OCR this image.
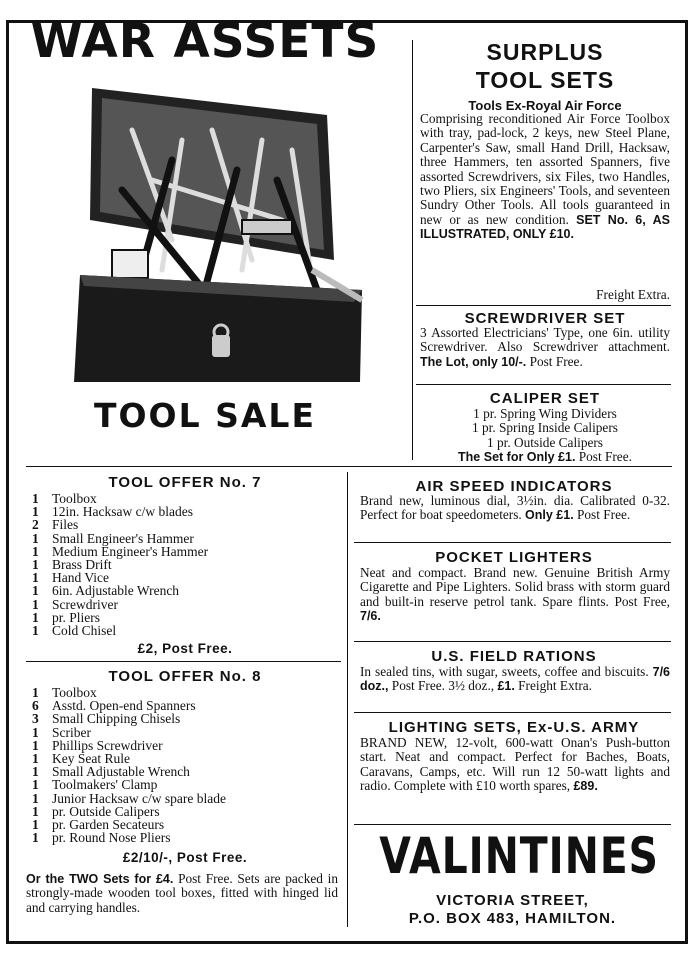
WAR ASSETS
TOOL SALE
SURPLUS
TOOL SETS
Tools Ex-Royal Air Force
Comprising reconditioned Air Force Toolbox with tray, pad-lock, 2 keys, new Steel Plane, Carpenter's Saw, small Hand Drill, Hacksaw, three Hammers, ten assorted Spanners, five assorted Screwdrivers, six Files, two Handles, two Pliers, six Engineers' Tools, and seventeen Sundry Other Tools. All tools guaranteed in new or as new condition. SET No. 6, AS ILLUSTRATED, ONLY £10.
Freight Extra.
SCREWDRIVER SET
3 Assorted Electricians' Type, one 6in. utility Screwdriver. Also Screwdriver attachment. The Lot, only 10/-. Post Free.
CALIPER SET
1 pr. Spring Wing Dividers
1 pr. Spring Inside Calipers
1 pr. Outside Calipers
The Set for Only £1. Post Free.
TOOL OFFER No. 7
1 Toolbox
1 12in. Hacksaw c/w blades
2 Files
1 Small Engineer's Hammer
1 Medium Engineer's Hammer
1 Brass Drift
1 Hand Vice
1 6in. Adjustable Wrench
1 Screwdriver
1 pr. Pliers
1 Cold Chisel
£2, Post Free.
TOOL OFFER No. 8
1 Toolbox
6 Asstd. Open-end Spanners
3 Small Chipping Chisels
1 Scriber
1 Phillips Screwdriver
1 Key Seat Rule
1 Small Adjustable Wrench
1 Toolmakers' Clamp
1 Junior Hacksaw c/w spare blade
1 pr. Outside Calipers
1 pr. Garden Secateurs
1 pr. Round Nose Pliers
£2/10/-, Post Free.
Or the TWO Sets for £4. Post Free. Sets are packed in strongly-made wooden tool boxes, fitted with hinged lid and carrying handles.
AIR SPEED INDICATORS
Brand new, luminous dial, 3½in. dia. Calibrated 0-32. Perfect for boat speedometers. Only £1. Post Free.
POCKET LIGHTERS
Neat and compact. Brand new. Genuine British Army Cigarette and Pipe Lighters. Solid brass with storm guard and built-in reserve petrol tank. Spare flints. Post Free, 7/6.
U.S. FIELD RATIONS
In sealed tins, with sugar, sweets, coffee and biscuits. 7/6 doz., Post Free. 3½ doz., £1. Freight Extra.
LIGHTING SETS, Ex-U.S. ARMY
BRAND NEW, 12-volt, 600-watt Onan's Push-button start. Neat and compact. Perfect for Baches, Boats, Caravans, Camps, etc. Will run 12 50-watt lights and radio. Complete with £10 worth spares, £89.
VALINTINES
VICTORIA STREET,
P.O. BOX 483, HAMILTON.
